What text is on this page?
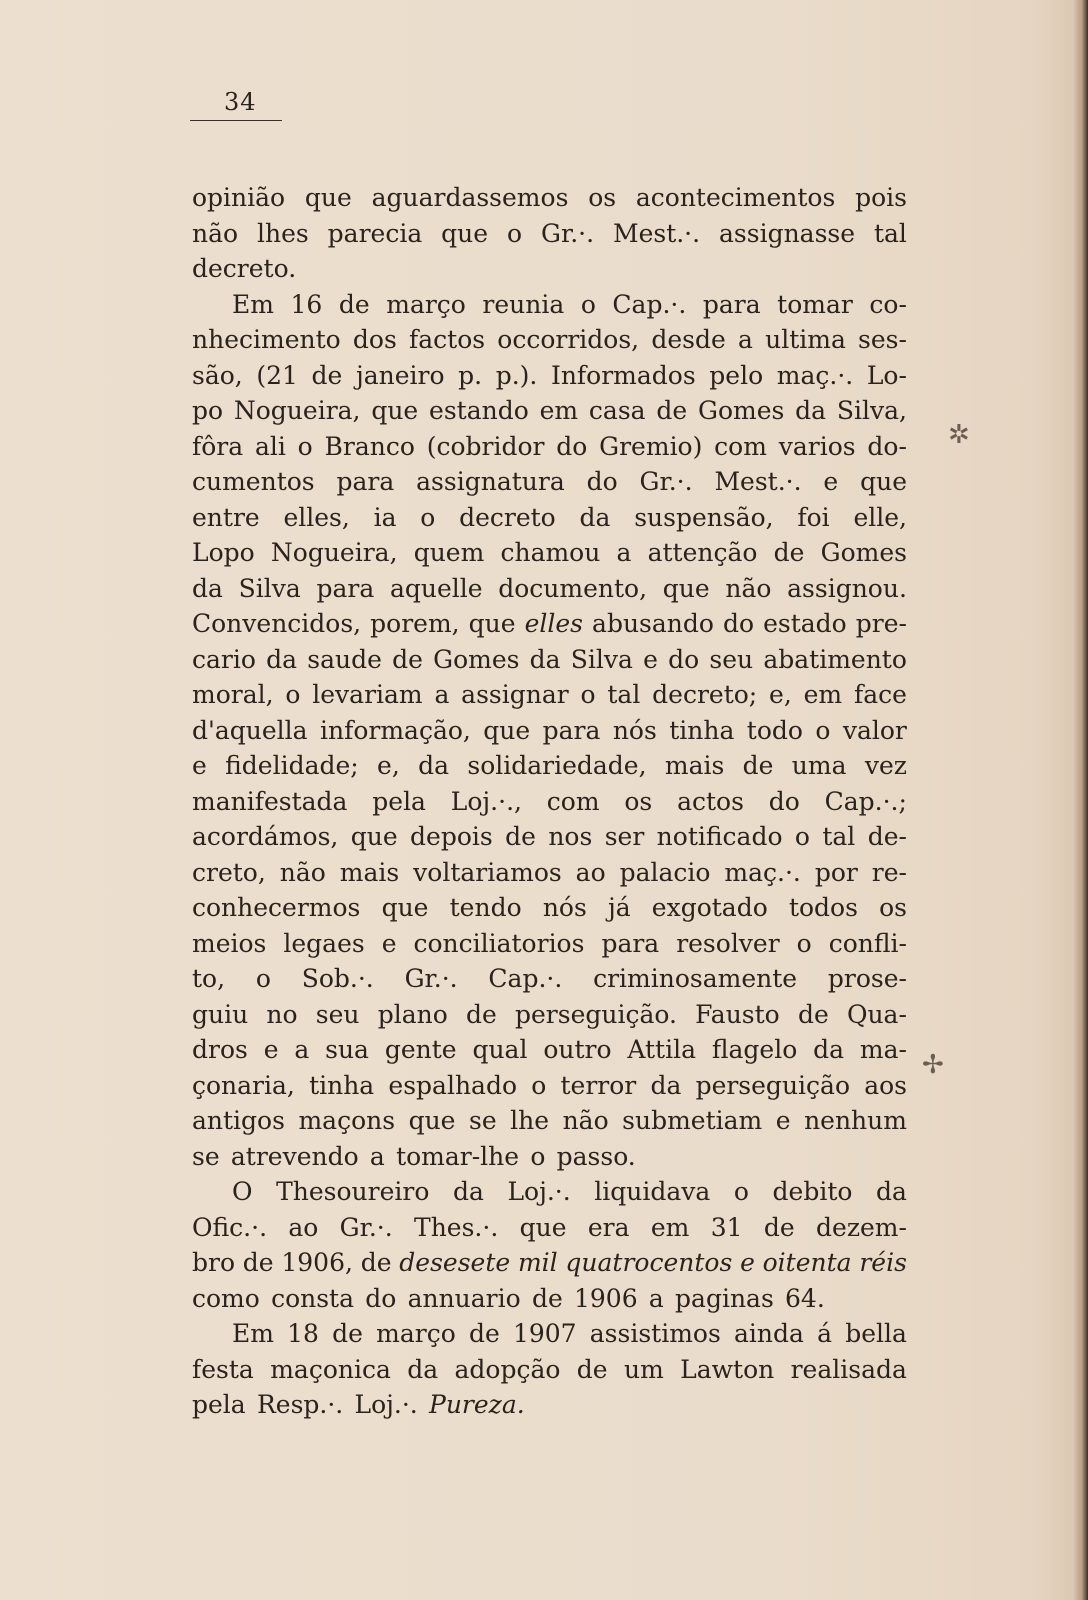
34
opinião que aguardassemos os acontecimentos pois
não lhes parecia que o Gr.·. Mest.·. assignasse tal
decreto.
Em 16 de março reunia o Cap.·. para tomar co-
nhecimento dos factos occorridos, desde a ultima ses-
são, (21 de janeiro p. p.). Informados pelo maç.·. Lo-
po Nogueira, que estando em casa de Gomes da Silva,
fôra ali o Branco (cobridor do Gremio) com varios do-
cumentos para assignatura do Gr.·. Mest.·. e que
entre elles, ia o decreto da suspensão, foi elle,
Lopo Nogueira, quem chamou a attenção de Gomes
da Silva para aquelle documento, que não assignou.
Convencidos, porem, que elles abusando do estado pre-
cario da saude de Gomes da Silva e do seu abatimento
moral, o levariam a assignar o tal decreto; e, em face
d'aquella informação, que para nós tinha todo o valor
e fidelidade; e, da solidariedade, mais de uma vez
manifestada pela Loj.·., com os actos do Cap.·.;
acordámos, que depois de nos ser notificado o tal de-
creto, não mais voltariamos ao palacio maç.·. por re-
conhecermos que tendo nós já exgotado todos os
meios legaes e conciliatorios para resolver o confli-
to, o Sob.·. Gr.·. Cap.·. criminosamente prose-
guiu no seu plano de perseguição. Fausto de Qua-
dros e a sua gente qual outro Attila flagelo da ma-
çonaria, tinha espalhado o terror da perseguição aos
antigos maçons que se lhe não submetiam e nenhum
se atrevendo a tomar-lhe o passo.
O Thesoureiro da Loj.·. liquidava o debito da
Ofic.·. ao Gr.·. Thes.·. que era em 31 de dezem-
bro de 1906, de desesete mil quatrocentos e oitenta réis
como consta do annuario de 1906 a paginas 64.
Em 18 de março de 1907 assistimos ainda á bella
festa maçonica da adopção de um Lawton realisada
pela Resp.·. Loj.·. Pureza.
✲
✢
